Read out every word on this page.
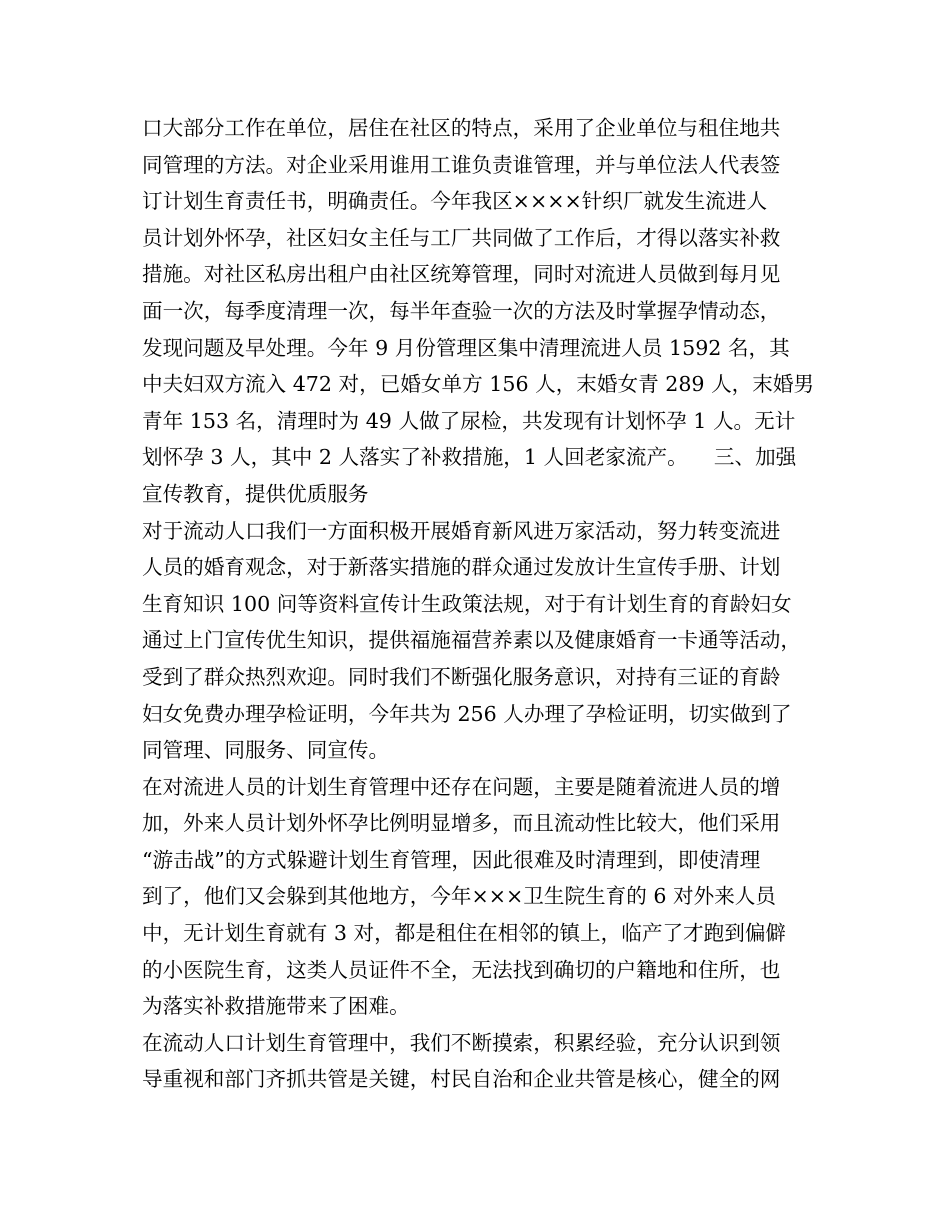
口大部分工作在单位，居住在社区的特点，采用了企业单位与租住地共
同管理的方法。对企业采用谁用工谁负责谁管理，并与单位法人代表签
订计划生育责任书，明确责任。今年我区××××针织厂就发生流进人
员计划外怀孕，社区妇女主任与工厂共同做了工作后，才得以落实补救
措施。对社区私房出租户由社区统筹管理，同时对流进人员做到每月见
面一次，每季度清理一次，每半年查验一次的方法及时掌握孕情动态，
发现问题及早处理。今年 9 月份管理区集中清理流进人员 1592 名，其
中夫妇双方流入 472 对，已婚女单方 156 人，末婚女青 289 人，末婚男
青年 153 名，清理时为 49 人做了尿检，共发现有计划怀孕 1 人。无计
划怀孕 3 人，其中 2 人落实了补救措施，1 人回老家流产。    三、加强
宣传教育，提供优质服务
对于流动人口我们一方面积极开展婚育新风进万家活动，努力转变流进
人员的婚育观念，对于新落实措施的群众通过发放计生宣传手册、计划
生育知识 100 问等资料宣传计生政策法规，对于有计划生育的育龄妇女
通过上门宣传优生知识，提供福施福营养素以及健康婚育一卡通等活动，
受到了群众热烈欢迎。同时我们不断强化服务意识，对持有三证的育龄
妇女免费办理孕检证明，今年共为 256 人办理了孕检证明，切实做到了
同管理、同服务、同宣传。
在对流进人员的计划生育管理中还存在问题，主要是随着流进人员的增
加，外来人员计划外怀孕比例明显增多，而且流动性比较大，他们采用
“游击战”的方式躲避计划生育管理，因此很难及时清理到，即使清理
到了，他们又会躲到其他地方，今年×××卫生院生育的 6 对外来人员
中，无计划生育就有 3 对，都是租住在相邻的镇上，临产了才跑到偏僻
的小医院生育，这类人员证件不全，无法找到确切的户籍地和住所，也
为落实补救措施带来了困难。
在流动人口计划生育管理中，我们不断摸索，积累经验，充分认识到领
导重视和部门齐抓共管是关键，村民自治和企业共管是核心，健全的网
